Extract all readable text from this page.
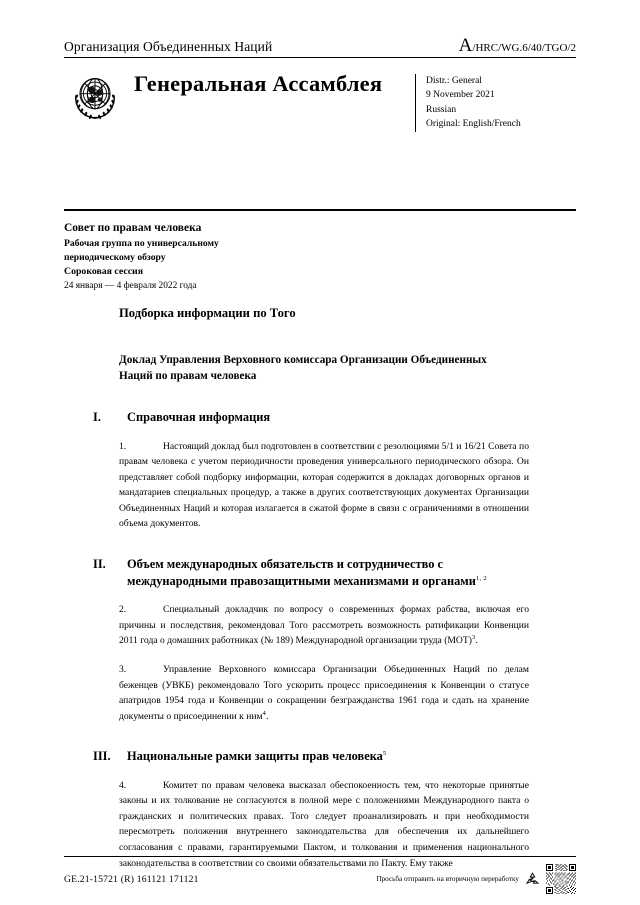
Организация Объединенных Наций	A /HRC/WG.6/40/TGO/2
Генеральная Ассамблея	Distr.: General
9 November 2021
Russian
Original: English/French
Совет по правам человека
Рабочая группа по универсальному
периодическому обзору
Сороковая сессия
24 января — 4 февраля 2022 года
Подборка информации по Того
Доклад Управления Верховного комиссара Организации Объединенных Наций по правам человека
I.	Справочная информация

1.	Настоящий доклад был подготовлен в соответствии с резолюциями 5/1 и 16/21 Совета по правам человека с учетом периодичности проведения универсального периодического обзора. Он представляет собой подборку информации, которая содержится в докладах договорных органов и мандатариев специальных процедур, а также в других соответствующих документах Организации Объединенных Наций и которая излагается в сжатой форме в связи с ограничениями в отношении объема документов.

II.	Объем международных обязательств и сотрудничество с международными правозащитными механизмами и органами$^{1, 2}$

2.	Специальный докладчик по вопросу о современных формах рабства, включая его причины и последствия, рекомендовал Того рассмотреть возможность ратификации Конвенции 2011 года о домашних работниках (№ 189) Международной организации труда (МОТ)$^3$.

3.	Управление Верховного комиссара Организации Объединенных Наций по делам беженцев (УВКБ) рекомендовало Того ускорить процесс присоединения к Конвенции о статусе апатридов 1954 года и Конвенции о сокращении безгражданства 1961 года и сдать на хранение документы о присоединении к ним$^4$.

III.	Национальные рамки защиты прав человека$^5$

4.	Комитет по правам человека высказал обеспокоенность тем, что некоторые принятые законы и их толкование не согласуются в полной мере с положениями Международного пакта о гражданских и политических правах. Того следует проанализировать и при необходимости пересмотреть положения внутреннего законодательства для обеспечения их дальнейшего согласования с правами, гарантируемыми Пактом, и толкования и применения национального законодательства в соответствии со своими обязательствами по Пакту. Ему также

GE.21-15721 (R) 161121 171121	Просьба отправить на вторичную переработку
